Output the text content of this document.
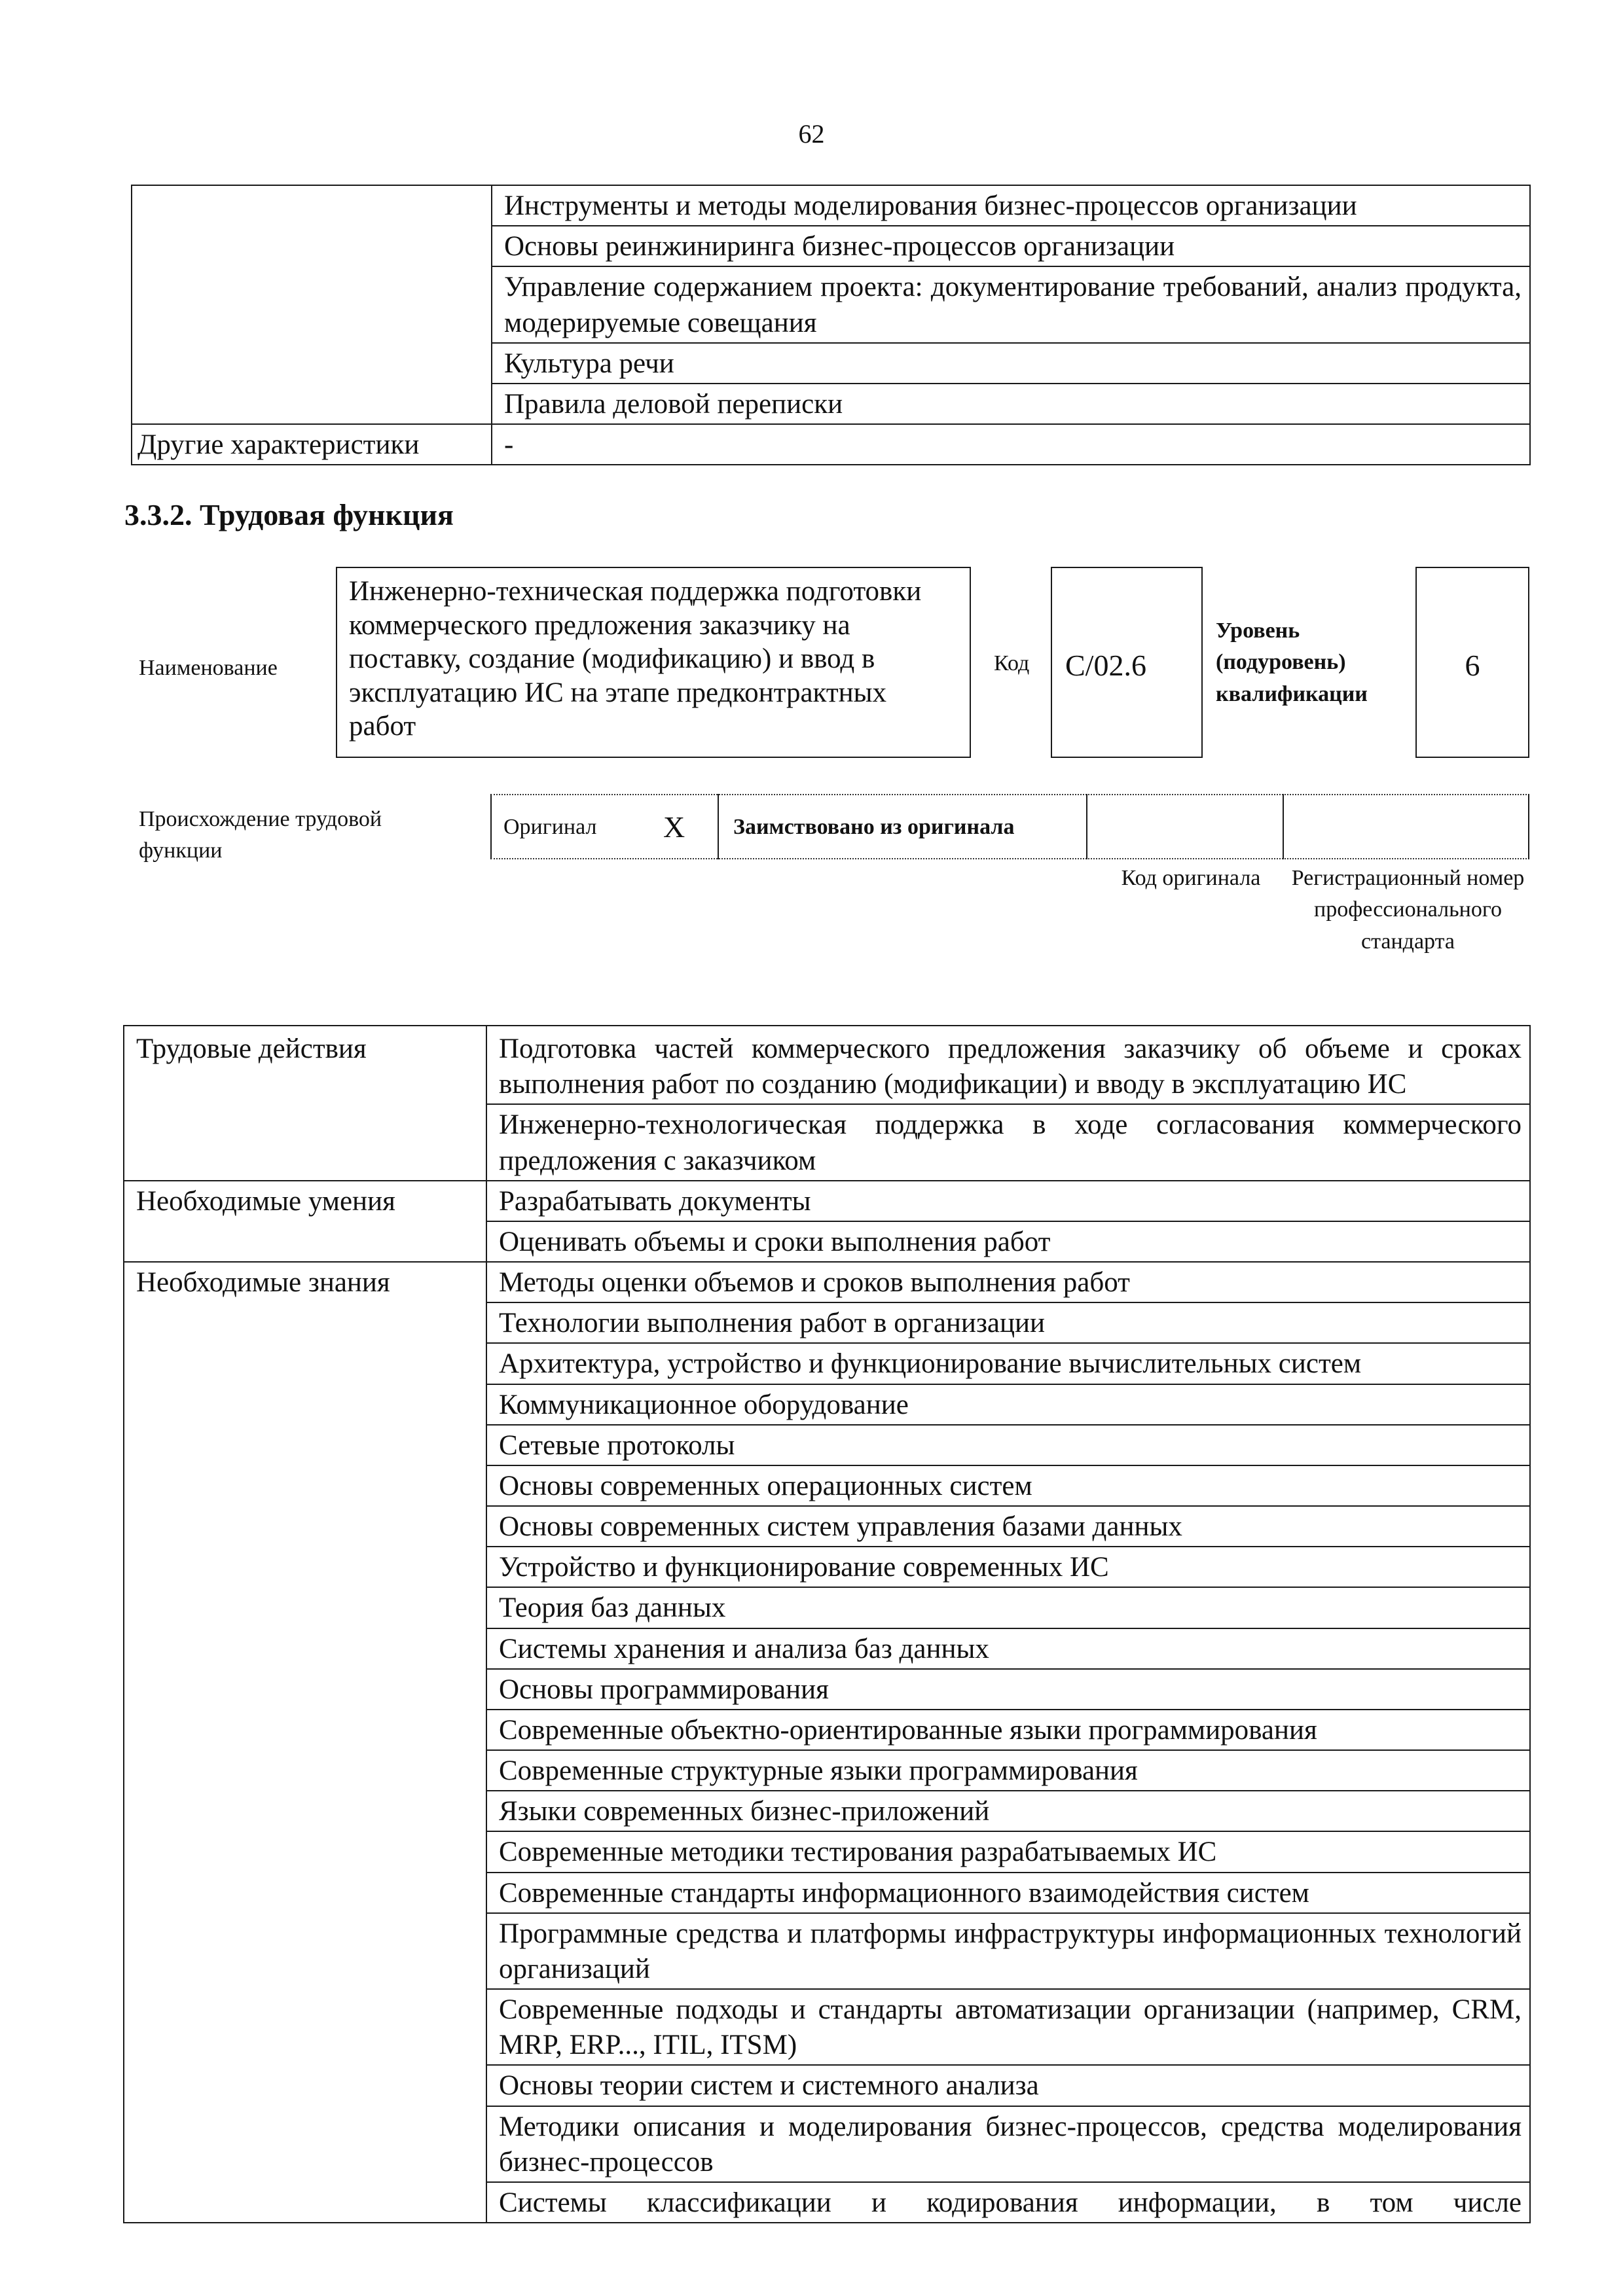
62
	Инструменты и методы моделирования бизнес-процессов организации
	Основы реинжиниринга бизнес-процессов организации
	Управление содержанием проекта: документирование требований, анализ продукта, модерируемые совещания
	Культура речи
	Правила деловой переписки
Другие характеристики	-
3.3.2. Трудовая функция
Наименование
Инженерно-техническая поддержка подготовки коммерческого предложения заказчику на поставку, создание (модификацию) и ввод в эксплуатацию ИС на этапе предконтрактных работ
Код	С/02.6
Уровень
(подуровень)
квалификации
6
Происхождение трудовой функции
Оригинал	X	Заимствовано из оригинала
Код оригинала	Регистрационный номер профессионального стандарта
Трудовые действия	Подготовка частей коммерческого предложения заказчику об объеме и сроках выполнения работ по созданию (модификации) и вводу в эксплуатацию ИС
	Инженерно-технологическая поддержка в ходе согласования коммерческого предложения с заказчиком
Необходимые умения	Разрабатывать документы
	Оценивать объемы и сроки выполнения работ
Необходимые знания	Методы оценки объемов и сроков выполнения работ
	Технологии выполнения работ в организации
	Архитектура, устройство и функционирование вычислительных систем
	Коммуникационное оборудование
	Сетевые протоколы
	Основы современных операционных систем
	Основы современных систем управления базами данных
	Устройство и функционирование современных ИС
	Теория баз данных
	Системы хранения и анализа баз данных
	Основы программирования
	Современные объектно-ориентированные языки программирования
	Современные структурные языки программирования
	Языки современных бизнес-приложений
	Современные методики тестирования разрабатываемых ИС
	Современные стандарты информационного взаимодействия систем
	Программные средства и платформы инфраструктуры информационных технологий организаций
	Современные подходы и стандарты автоматизации организации (например, CRM, MRP, ERP..., ITIL, ITSM)
	Основы теории систем и системного анализа
	Методики описания и моделирования бизнес-процессов, средства моделирования бизнес-процессов
	Системы классификации и кодирования информации, в том числе
